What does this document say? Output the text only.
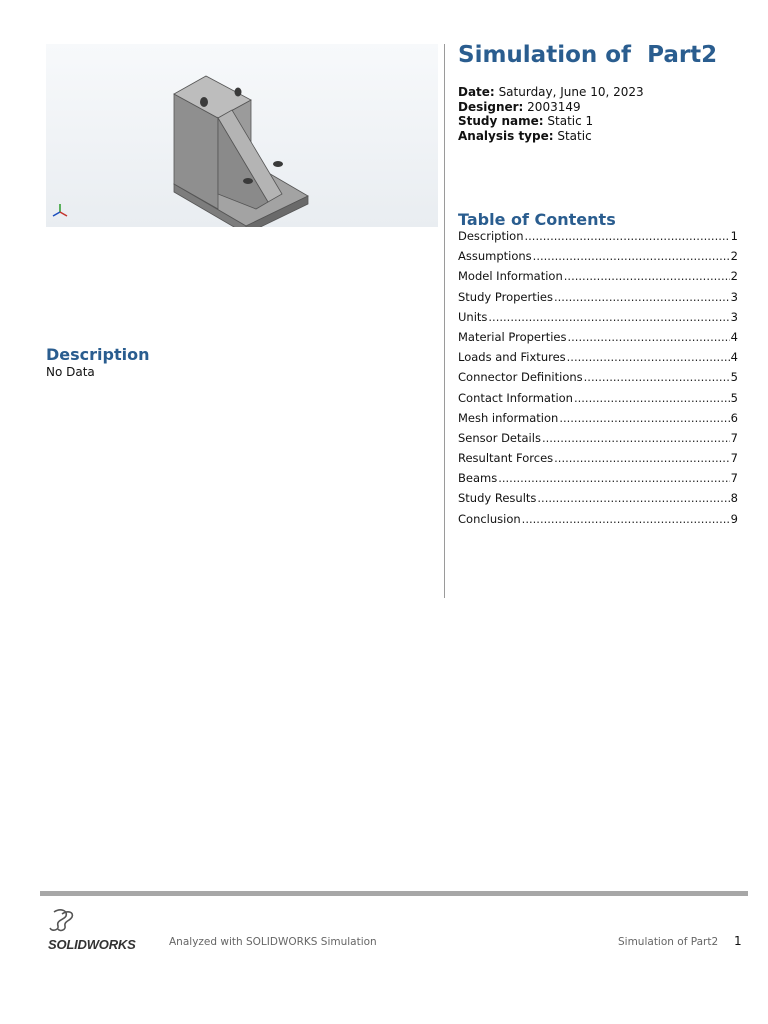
Simulation of  Part2
Date: Saturday, June 10, 2023
Designer: 2003149
Study name: Static 1
Analysis type: Static
Table of Contents
Description .....	1
Assumptions .....	2
Model Information .....	2
Study Properties .....	3
Units .....	3
Material Properties .....	4
Loads and Fixtures .....	4
Connector Definitions .....	5
Contact Information .....	5
Mesh information .....	6
Sensor Details .....	7
Resultant Forces .....	7
Beams .....	7
Study Results .....	8
Conclusion .....	9
Description
No Data
SOLIDWORKS	Analyzed with SOLIDWORKS Simulation	Simulation of Part2 1
